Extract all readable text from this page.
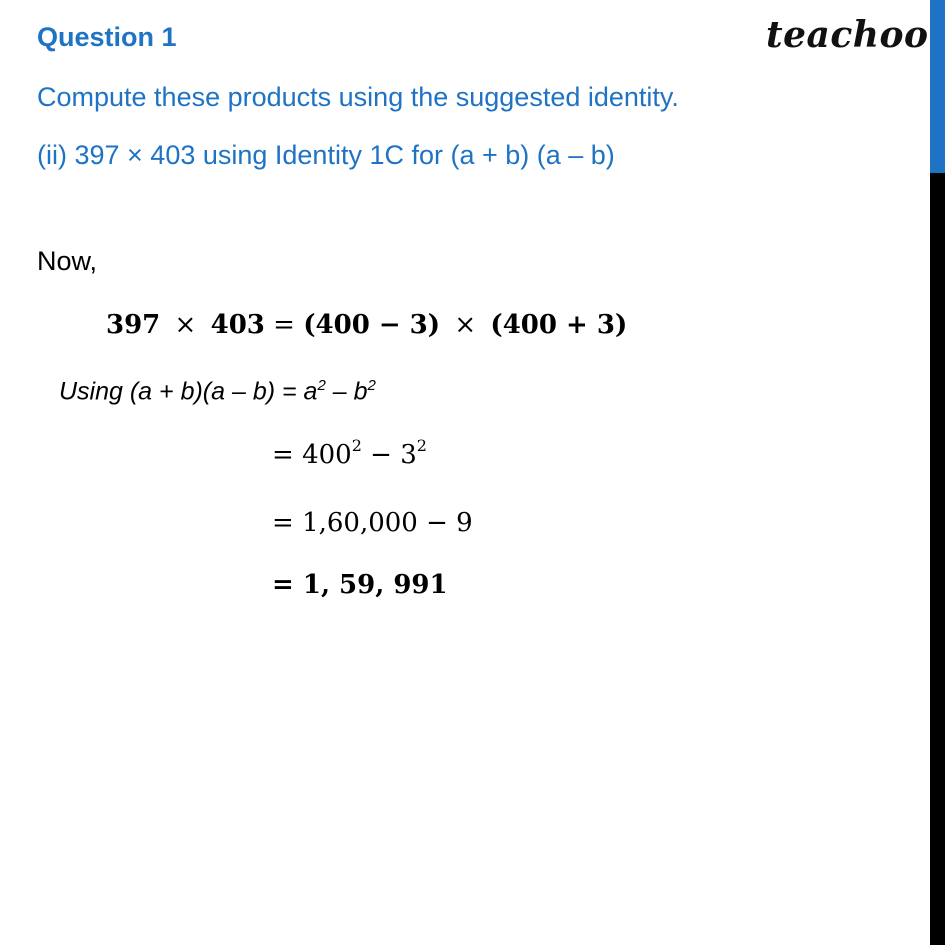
teachoo
Question 1
Compute these products using the suggested identity.
(ii) 397 × 403 using Identity 1C for (a + b) (a – b)
Now,
397 × 403 = (400 − 3) × (400 + 3)
Using $(a + b)(a - b) = a^2 - b^2$
= $400^2 - 3^2$
= 1,60,000 − 9
= 1, 59, 991
